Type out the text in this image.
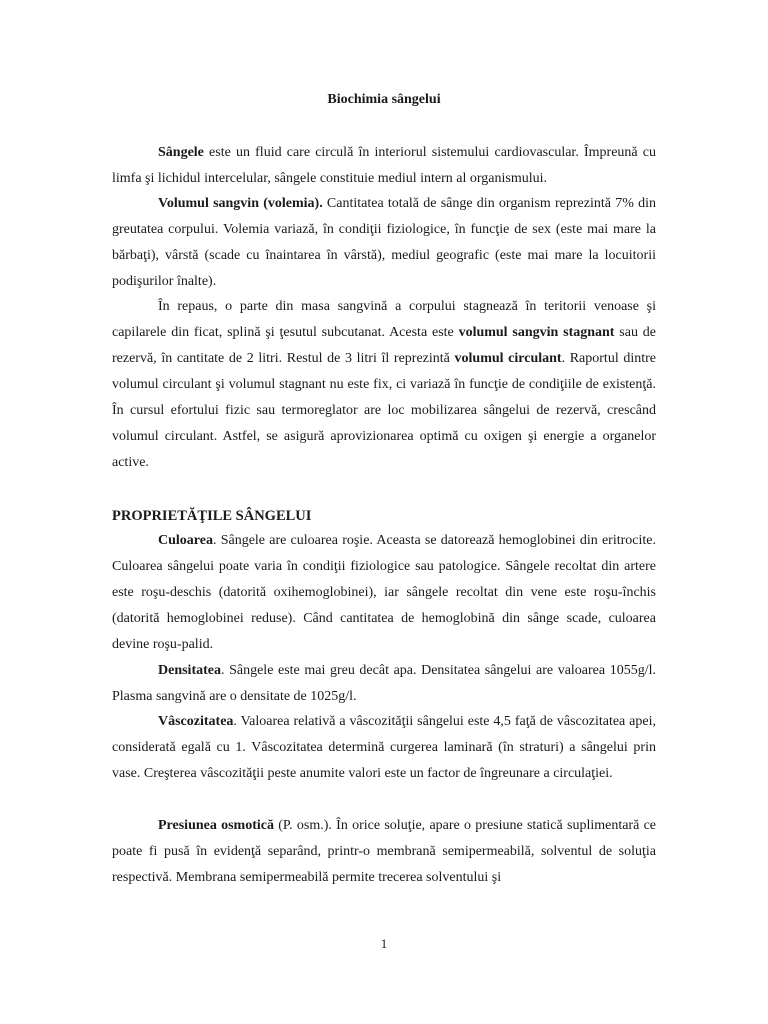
Biochimia sângelui

Sângele este un fluid care circulă în interiorul sistemului cardiovascular. Împreună cu limfa şi lichidul intercelular, sângele constituie mediul intern al organismului.

Volumul sangvin (volemia). Cantitatea totală de sânge din organism reprezintă 7% din greutatea corpului. Volemia variază, în condiţii fiziologice, în funcţie de sex (este mai mare la bărbaţi), vârstă (scade cu înaintarea în vârstă), mediul geografic (este mai mare la locuitorii podişurilor înalte).

În repaus, o parte din masa sangvină a corpului stagnează în teritorii venoase şi capilarele din ficat, splină şi ţesutul subcutanat. Acesta este volumul sangvin stagnant sau de rezervă, în cantitate de 2 litri. Restul de 3 litri îl reprezintă volumul circulant. Raportul dintre volumul circulant şi volumul stagnant nu este fix, ci variază în funcţie de condiţiile de existenţă. În cursul efortului fizic sau termoreglator are loc mobilizarea sângelui de rezervă, crescând volumul circulant. Astfel, se asigură aprovizionarea optimă cu oxigen şi energie a organelor active.

PROPRIETĂŢILE SÂNGELUI

Culoarea. Sângele are culoarea roşie. Aceasta se datorează hemoglobinei din eritrocite. Culoarea sângelui poate varia în condiţii fiziologice sau patologice. Sângele recoltat din artere este roşu-deschis (datorită oxihemoglobinei), iar sângele recoltat din vene este roşu-închis (datorită hemoglobinei reduse). Când cantitatea de hemoglobină din sânge scade, culoarea devine roşu-palid.

Densitatea. Sângele este mai greu decât apa. Densitatea sângelui are valoarea 1055g/l. Plasma sangvină are o densitate de 1025g/l.

Vâscozitatea. Valoarea relativă a vâscozităţii sângelui este 4,5 faţă de vâscozitatea apei, considerată egală cu 1. Vâscozitatea determină curgerea laminară (în straturi) a sângelui prin vase. Creşterea vâscozităţii peste anumite valori este un factor de îngreunare a circulaţiei.

Presiunea osmotică (P. osm.). În orice soluţie, apare o presiune statică suplimentară ce poate fi pusă în evidenţă separând, printr-o membrană semipermeabilă, solventul de soluţia respectivă. Membrana semipermeabilă permite trecerea solventului şi

1
